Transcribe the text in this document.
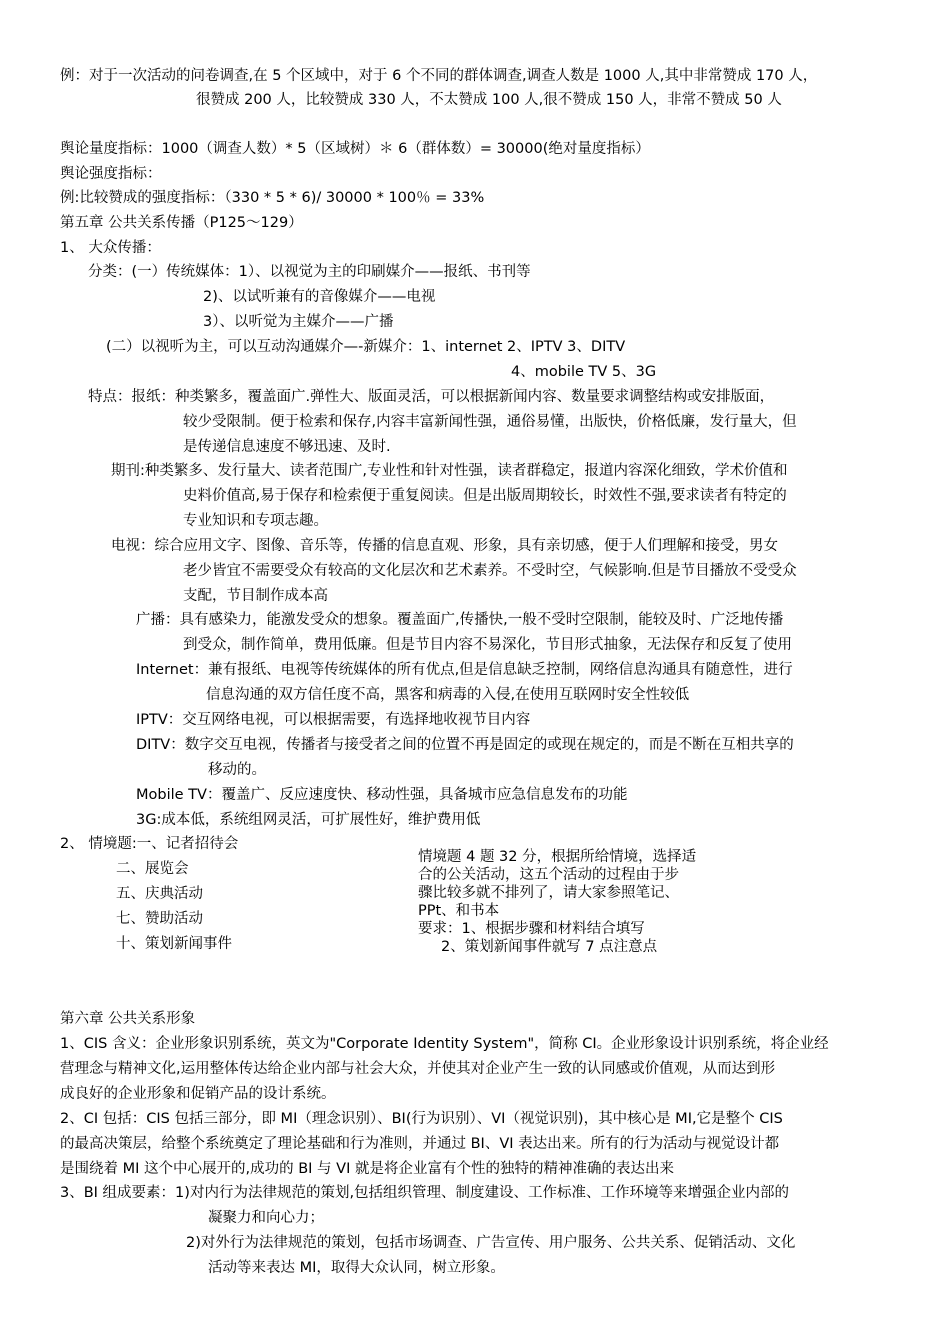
例：对于一次活动的问卷调查,在 5 个区域中，对于 6 个不同的群体调查,调查人数是 1000 人,其中非常赞成 170 人，
很赞成 200 人，比较赞成 330 人，不太赞成 100 人,很不赞成 150 人，非常不赞成 50 人
舆论量度指标：1000（调查人数）* 5（区域树）＊ 6（群体数）= 30000(绝对量度指标）
舆论强度指标：
例:比较赞成的强度指标：（330 * 5 * 6)/ 30000 * 100％ = 33%
第五章 公共关系传播（P125～129）
1、 大众传播：
分类：(一）传统媒体：1）、以视觉为主的印刷媒介——报纸、书刊等
2)、以试听兼有的音像媒介——电视
3）、以听觉为主媒介——广播
(二）以视听为主，可以互动沟通媒介—-新媒介：1、internet 2、IPTV 3、DITV
4、mobile TV 5、3G
特点：报纸：种类繁多，覆盖面广.弹性大、版面灵活，可以根据新闻内容、数量要求调整结构或安排版面，
较少受限制。便于检索和保存,内容丰富新闻性强，通俗易懂，出版快，价格低廉，发行量大，但
是传递信息速度不够迅速、及时.
期刊:种类繁多、发行量大、读者范围广,专业性和针对性强，读者群稳定，报道内容深化细致，学术价值和
史料价值高,易于保存和检索便于重复阅读。但是出版周期较长，时效性不强,要求读者有特定的
专业知识和专项志趣。
电视：综合应用文字、图像、音乐等，传播的信息直观、形象，具有亲切感，便于人们理解和接受，男女
老少皆宜不需要受众有较高的文化层次和艺术素养。不受时空，气候影响.但是节目播放不受受众
支配，节目制作成本高
广播：具有感染力，能激发受众的想象。覆盖面广,传播快,一般不受时空限制，能较及时、广泛地传播
到受众，制作简单，费用低廉。但是节目内容不易深化，节目形式抽象，无法保存和反复了使用
Internet：兼有报纸、电视等传统媒体的所有优点,但是信息缺乏控制，网络信息沟通具有随意性，进行
信息沟通的双方信任度不高，黑客和病毒的入侵,在使用互联网时安全性较低
IPTV：交互网络电视，可以根据需要，有选择地收视节目内容
DITV：数字交互电视，传播者与接受者之间的位置不再是固定的或现在规定的，而是不断在互相共享的
移动的。
Mobile TV：覆盖广、反应速度快、移动性强，具备城市应急信息发布的功能
3G:成本低，系统组网灵活，可扩展性好，维护费用低
2、 情境题:一、记者招待会
二、展览会
五、庆典活动
七、赞助活动
十、策划新闻事件
情境题 4 题 32 分，根据所给情境，选择适
合的公关活动，这五个活动的过程由于步
骤比较多就不排列了，请大家参照笔记、
PPt、和书本
要求：1、根据步骤和材料结合填写
2、策划新闻事件就写 7 点注意点
第六章 公共关系形象
1、CIS 含义：企业形象识别系统，英文为"Corporate Identity System"，简称 CI。企业形象设计识别系统，将企业经
营理念与精神文化,运用整体传达给企业内部与社会大众，并使其对企业产生一致的认同感或价值观，从而达到形
成良好的企业形象和促销产品的设计系统。
2、CI 包括：CIS 包括三部分，即 MI（理念识别）、BI(行为识别）、VI（视觉识别)，其中核心是 MI,它是整个 CIS
的最高决策层，给整个系统奠定了理论基础和行为准则，并通过 BI、VI 表达出来。所有的行为活动与视觉设计都
是围绕着 MI 这个中心展开的,成功的 BI 与 VI 就是将企业富有个性的独特的精神准确的表达出来
3、BI 组成要素：1)对内行为法律规范的策划,包括组织管理、制度建设、工作标准、工作环境等来增强企业内部的
凝聚力和向心力；
2)对外行为法律规范的策划，包括市场调查、广告宣传、用户服务、公共关系、促销活动、文化
活动等来表达 MI，取得大众认同，树立形象。
